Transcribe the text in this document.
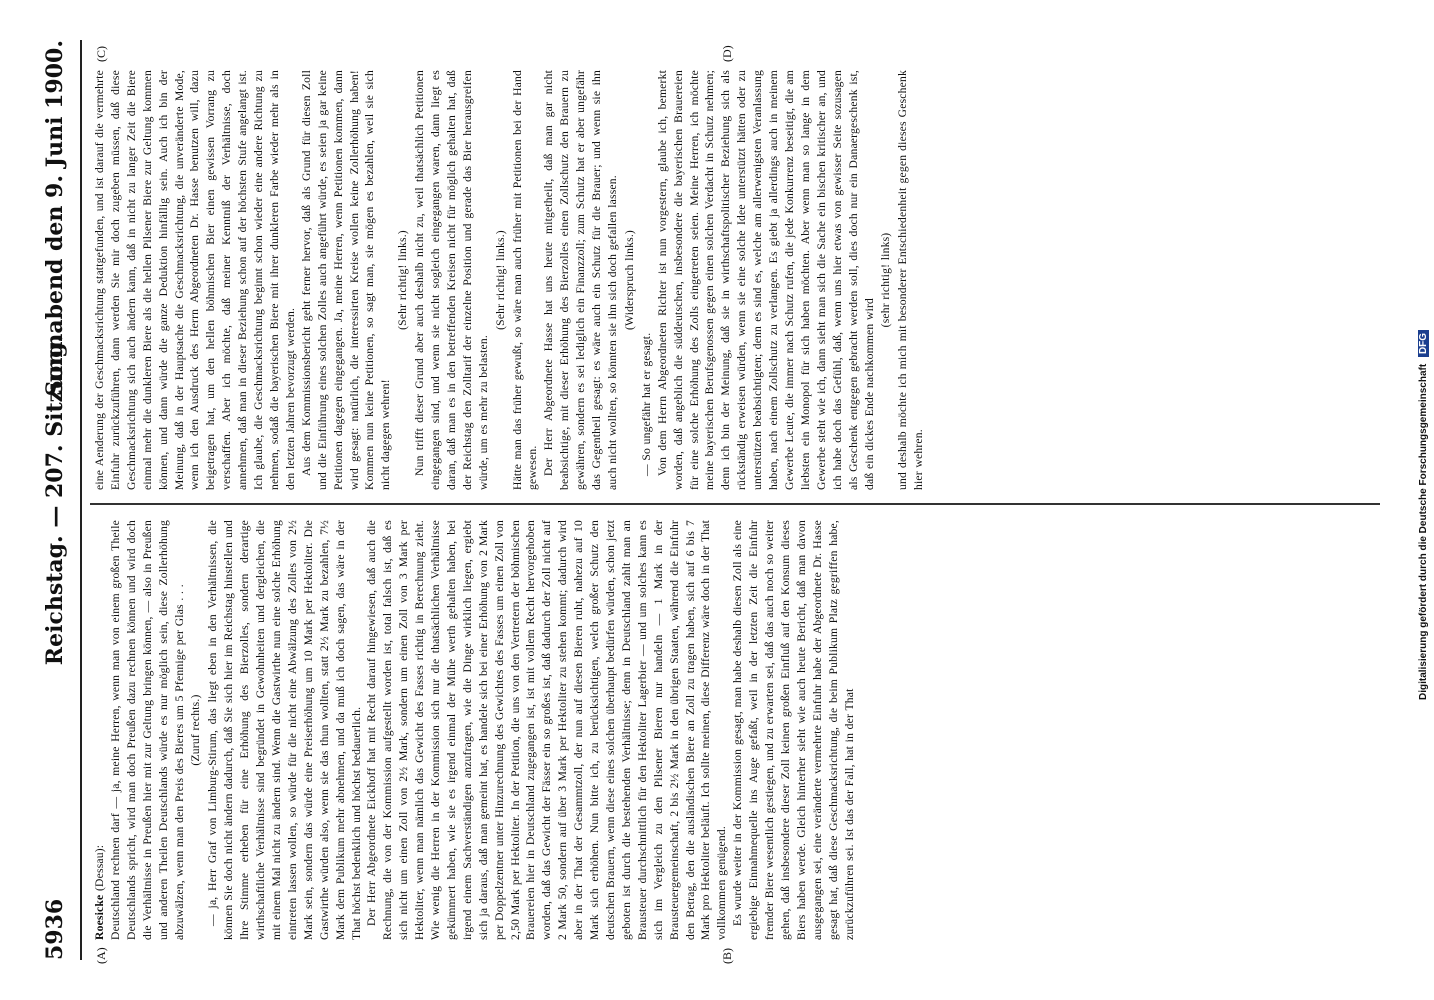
5936
Reichstag. — 207. Sitzung.
Sonnabend den 9. Juni 1900.
(A)	(B)
(C)	(D)

Roesicke (Dessau): Deutschland rechnen darf — ja, meine Herren, wenn man von einem großen Theile Deutschlands spricht, wird man doch Preußen dazu rechnen können und wird doch die Verhältnisse in Preußen hier mit zur Geltung bringen können, — also in Preußen und anderen Theilen Deutschlands würde es nur möglich sein, diese Zollerhöhung abzuwälzen, wenn man den Preis des Bieres um 5 Pfennige per Glas . . . (Zuruf rechts.) — ja, Herr Graf von Limburg-Stirum, das liegt eben in den Verhältnissen, die können Sie doch nicht ändern dadurch, daß Sie sich hier im Reichstag hinstellen und Ihre Stimme erheben für eine Erhöhung des Bierzolles, sondern derartige wirthschaftliche Verhältnisse sind begründet in Gewohnheiten und dergleichen, die mit einem Mal nicht zu ändern sind. Wenn die Gastwirthe nun eine solche Erhöhung eintreten lassen wollen, so würde für die nicht eine Abwälzung des Zolles von 2½ Mark sein, sondern das würde eine Preiserhöhung um 10 Mark per Hektoliter. Die Gastwirthe würden also, wenn sie das thun wollten, statt 2½ Mark zu bezahlen, 7½ Mark dem Publikum mehr abnehmen, und da muß ich doch sagen, das wäre in der That höchst bedenklich und höchst bedauerlich. Der Herr Abgeordnete Eickhoff hat mit Recht darauf hingewiesen, daß auch die Rechnung, die von der Kommission aufgestellt worden ist, total falsch ist, daß es sich nicht um einen Zoll von 2½ Mark, sondern um einen Zoll von 3 Mark per Hektoliter, wenn man nämlich das Gewicht des Fasses richtig in Berechnung zieht. Wie wenig die Herren in der Kommission sich nur die thatsächlichen Verhältnisse gekümmert haben, wie sie es irgend einmal der Mühe werth gehalten haben, bei irgend einem Sachverständigen anzufragen, wie die Dinge wirklich liegen, ergiebt sich ja daraus, daß man gemeint hat, es handele sich bei einer Erhöhung von 2 Mark per Doppelzentner unter Hinzurechnung des Gewichtes des Fasses um einen Zoll von 2,50 Mark per Hektoliter. In der Petition, die uns von den Vertretern der böhmischen Brauereien hier in Deutschland zugegangen ist, ist mit vollem Recht hervorgehoben worden, daß das Gewicht der Fässer ein so großes ist, daß dadurch der Zoll nicht auf 2 Mark 50, sondern auf über 3 Mark per Hektoliter zu stehen kommt; dadurch wird aber in der That der Gesammtzoll, der nun auf diesen Bieren ruht, nahezu auf 10 Mark sich erhöhen. Nun bitte ich, zu berücksichtigen, welch großer Schutz den deutschen Brauern, wenn diese eines solchen überhaupt bedürfen würden, schon jetzt geboten ist durch die bestehenden Verhältnisse; denn in Deutschland zahlt man an Brausteuer durchschnittlich für den Hektoliter Lagerbier — und um solches kann es sich im Vergleich zu den Pilsener Bieren nur handeln — 1 Mark in der Brausteuergemeinschaft, 2 bis 2½ Mark in den übrigen Staaten, während die Einfuhr den Betrag, den die ausländischen Biere an Zoll zu tragen haben, sich auf 6 bis 7 Mark pro Hektoliter beläuft. Ich sollte meinen, diese Differenz wäre doch in der That vollkommen genügend. Es wurde weiter in der Kommission gesagt, man habe deshalb diesen Zoll als eine ergiebige Einnahmequelle ins Auge gefaßt, weil in der letzten Zeit die Einfuhr fremder Biere wesentlich gestiegen, und zu erwarten sei, daß das auch noch so weiter gehen, daß insbesondere dieser Zoll keinen großen Einfluß auf den Konsum dieses Biers haben werde. Gleich hinterher sieht wie auch heute Bericht, daß man davon ausgegangen sei, eine veränderte vermehrte Einfuhr habe der Abgeordnete Dr. Hasse gesagt hat, daß diese Geschmacksrichtung, die beim Publikum Platz gegriffen habe, zurückzuführen sei. Ist das der Fall, hat in der That

eine Aenderung der Geschmacksrichtung stattgefunden, und ist darauf die vermehrte Einfuhr zurückzuführen, dann werden Sie mir doch zugeben müssen, daß diese Geschmacksrichtung sich auch ändern kann, daß in nicht zu langer Zeit die Biere einmal mehr die dunkleren Biere als die hellen Pilsener Biere zur Geltung kommen können, und dann würde die ganze Deduktion hinfällig sein. Auch ich bin der Meinung, daß in der Hauptsache die Geschmacksrichtung, die unveränderte Mode, wenn ich den Ausdruck des Herrn Abgeordneten Dr. Hasse benutzen will, dazu beigetragen hat, um den hellen böhmischen Bier einen gewissen Vorrang zu verschaffen. Aber ich möchte, daß meiner Kenntniß der Verhältnisse, doch annehmen, daß man in dieser Beziehung schon auf der höchsten Stufe angelangt ist. Ich glaube, die Geschmacksrichtung beginnt schon wieder eine andere Richtung zu nehmen, sodaß die bayerischen Biere mit ihrer dunkleren Farbe wieder mehr als in den letzten Jahren bevorzugt werden. Aus dem Kommissionsbericht geht ferner hervor, daß als Grund für diesen Zoll und die Einführung eines solchen Zolles auch angeführt würde, es seien ja gar keine Petitionen dagegen eingegangen. Ja, meine Herren, wenn Petitionen kommen, dann wird gesagt: natürlich, die interessirten Kreise wollen keine Zollerhöhung haben! Kommen nun keine Petitionen, so sagt man, sie mögen es bezahlen, weil sie sich nicht dagegen wehren!

(Sehr richtig! links.) Nun trifft dieser Grund aber auch deshalb nicht zu, weil thatsächlich Petitionen eingegangen sind, und wenn sie nicht sogleich eingegangen waren, dann liegt es daran, daß man es in den betreffenden Kreisen nicht für möglich gehalten hat, daß der Reichstag den Zolltarif der einzelne Position und gerade das Bier herausgreifen würde, um es mehr zu belasten.

(Sehr richtig! links.) Hätte man das früher gewußt, so wäre man auch früher mit Petitionen bei der Hand gewesen. Der Herr Abgeordnete Hasse hat uns heute mitgetheilt, daß man gar nicht beabsichtige, mit dieser Erhöhung des Bierzolles einen Zollschutz den Brauern zu gewähren, sondern es sei lediglich ein Finanzzoll; zum Schutz hat er aber ungefähr das Gegentheil gesagt: es wäre auch ein Schutz für die Brauer; und wenn sie ihn auch nicht wollten, so könnten sie ihn sich doch gefallen lassen. (Widerspruch links.)

— So ungefähr hat er gesagt. Von dem Herrn Abgeordneten Richter ist nun vorgestern, glaube ich, bemerkt worden, daß angeblich die süddeutschen, insbesondere die bayerischen Brauereien für eine solche Erhöhung des Zolls eingetreten seien. Meine Herren, ich möchte meine bayerischen Berufsgenossen gegen einen solchen Verdacht in Schutz nehmen; denn ich bin der Meinung, daß sie in wirthschaftspolitischer Beziehung sich als rückständig erweisen würden, wenn sie eine solche Idee unterstützt hätten oder zu unterstützen beabsichtigten; denn es sind es, welche am allerwenigsten Veranlassung haben, nach einem Zollschutz zu verlangen. Es giebt ja allerdings auch in meinem Gewerbe Leute, die immer nach Schutz rufen, die jede Konkurrenz beseitigt, die am liebsten ein Monopol für sich haben möchten. Aber wenn man so lange in dem Gewerbe steht wie ich, dann sieht man sich die Sache ein bischen kritischer an, und ich habe doch das Gefühl, daß, wenn uns hier etwas von gewisser Seite sozusagen als Geschenk entgegen gebracht werden soll, dies doch nur ein Danaergeschenk ist, daß ein dickes Ende nachkommen wird

(sehr richtig! links) und deshalb möchte ich mich mit besonderer Entschiedenheit gegen dieses Geschenk hier wehren.	Digitalisierung gefördert durch die Deutsche Forschungsgemeinschaft DFG
